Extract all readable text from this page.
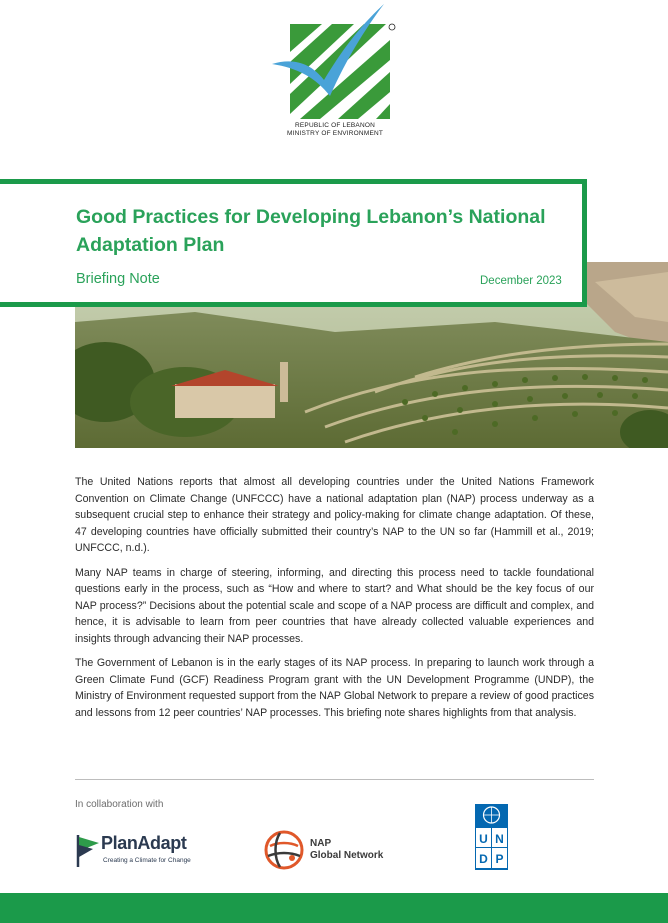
REPUBLIC OF LEBANON
MINISTRY OF ENVIRONMENT
Good Practices for Developing Lebanon’s National Adaptation Plan
Briefing Note	December 2023

The United Nations reports that almost all developing countries under the United Nations Framework Convention on Climate Change (UNFCCC) have a national adaptation plan (NAP) process underway as a subsequent crucial step to enhance their strategy and policy-making for climate change adaptation. Of these, 47 developing countries have officially submitted their country’s NAP to the UN so far (Hammill et al., 2019; UNFCCC, n.d.).

Many NAP teams in charge of steering, informing, and directing this process need to tackle foundational questions early in the process, such as “How and where to start? and What should be the key focus of our NAP process?” Decisions about the potential scale and scope of a NAP process are difficult and complex, and hence, it is advisable to learn from peer countries that have already collected valuable experiences and insights through advancing their NAP processes.

The Government of Lebanon is in the early stages of its NAP process. In preparing to launch work through a Green Climate Fund (GCF) Readiness Program grant with the UN Development Programme (UNDP), the Ministry of Environment requested support from the NAP Global Network to prepare a review of good practices and lessons from 12 peer countries’ NAP processes. This briefing note shares highlights from that analysis.

In collaboration with
PlanAdapt
Creating a Climate for Change
NAP
Global Network
U N
D P
